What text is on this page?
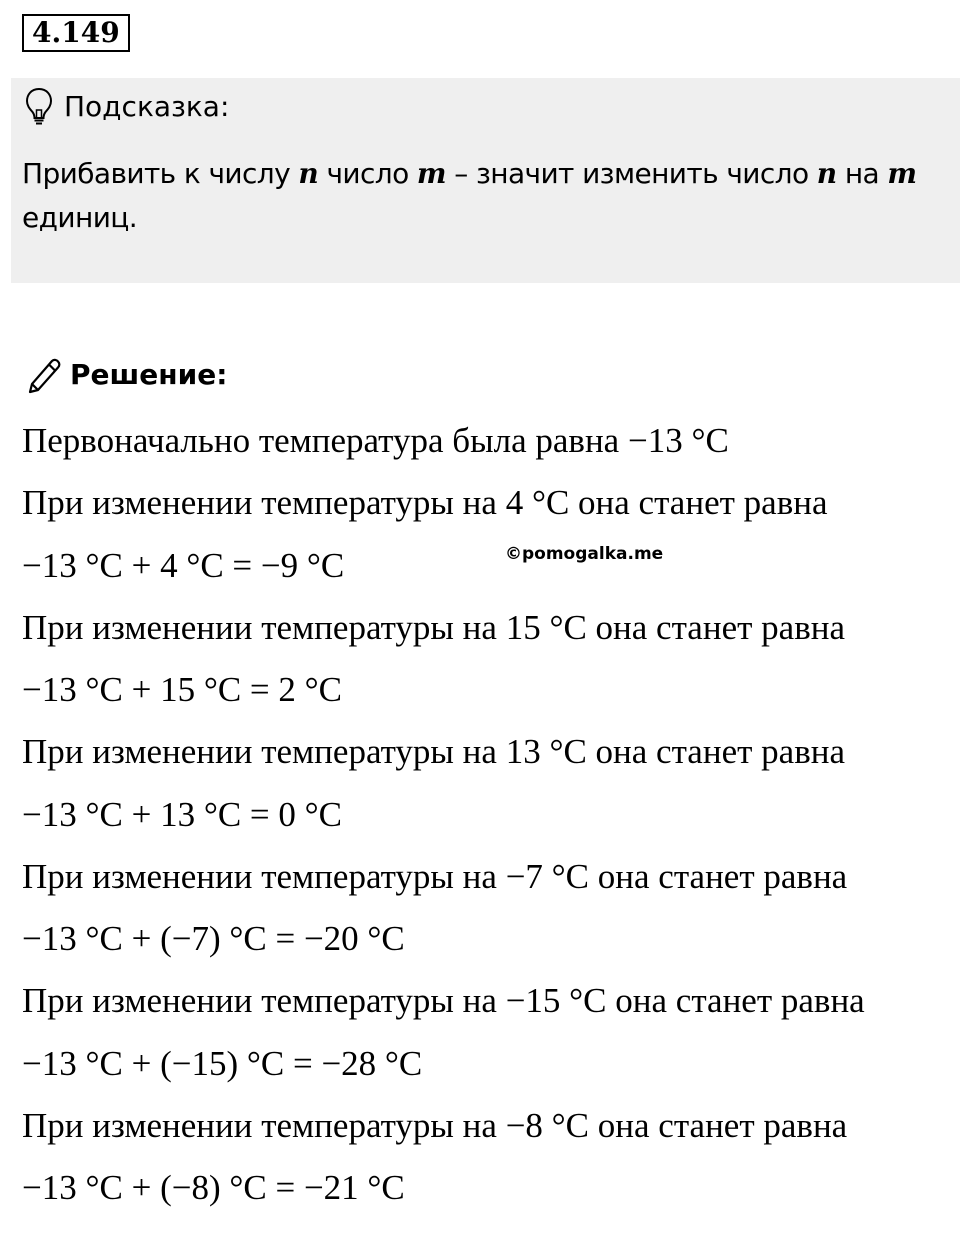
4.149
Подсказка:
Прибавить к числу n число m – значит изменить число n на m единиц.
Решение:
Первоначально температура была равна −13 °C
При изменении температуры на 4 °C она станет равна
−13 °C + 4 °C = −9 °C
При изменении температуры на 15 °C она станет равна
−13 °C + 15 °C = 2 °C
При изменении температуры на 13 °C она станет равна
−13 °C + 13 °C = 0 °C
При изменении температуры на −7 °C она станет равна
−13 °C + (−7) °C = −20 °C
При изменении температуры на −15 °C она станет равна
−13 °C + (−15) °C = −28 °C
При изменении температуры на −8 °C она станет равна
−13 °C + (−8) °C = −21 °C
©pomogalka.me
